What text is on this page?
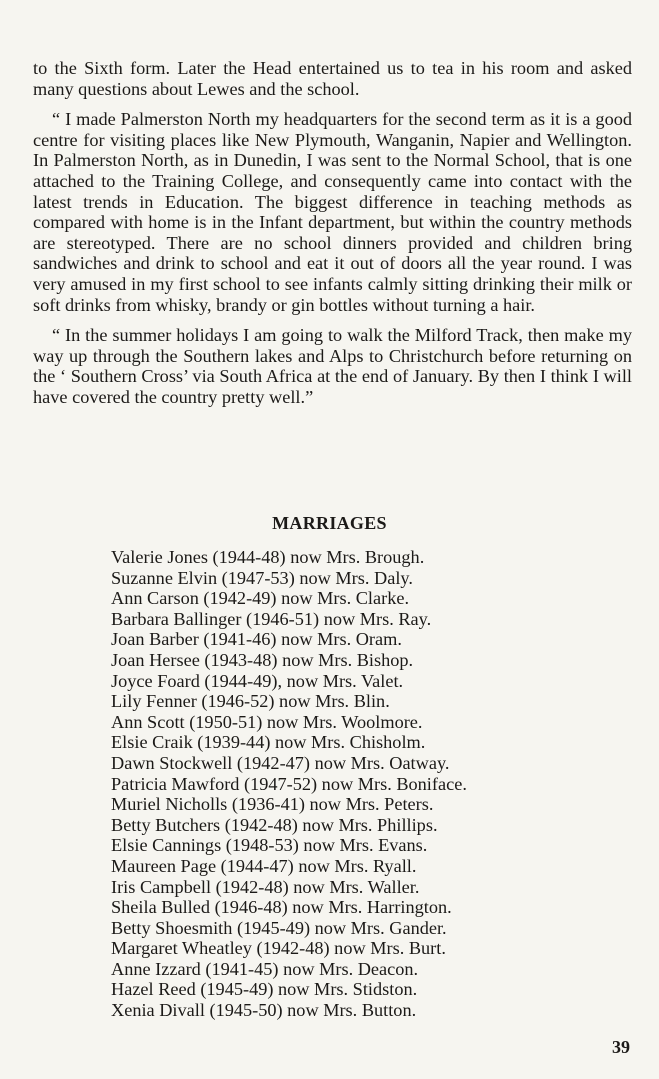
to the Sixth form. Later the Head entertained us to tea in his room and asked many questions about Lewes and the school.

“ I made Palmerston North my headquarters for the second term as it is a good centre for visiting places like New Plymouth, Wanganin, Napier and Wellington. In Palmerston North, as in Dunedin, I was sent to the Normal School, that is one attached to the Training College, and consequently came into contact with the latest trends in Education. The biggest difference in teaching methods as compared with home is in the Infant department, but within the country methods are stereotyped. There are no school dinners provided and children bring sandwiches and drink to school and eat it out of doors all the year round. I was very amused in my first school to see infants calmly sitting drinking their milk or soft drinks from whisky, brandy or gin bottles without turning a hair.

“ In the summer holidays I am going to walk the Milford Track, then make my way up through the Southern lakes and Alps to Christchurch before returning on the ‘ Southern Cross’ via South Africa at the end of January. By then I think I will have covered the country pretty well.”

MARRIAGES
Valerie Jones (1944-48) now Mrs. Brough.
Suzanne Elvin (1947-53) now Mrs. Daly.
Ann Carson (1942-49) now Mrs. Clarke.
Barbara Ballinger (1946-51) now Mrs. Ray.
Joan Barber (1941-46) now Mrs. Oram.
Joan Hersee (1943-48) now Mrs. Bishop.
Joyce Foard (1944-49), now Mrs. Valet.
Lily Fenner (1946-52) now Mrs. Blin.
Ann Scott (1950-51) now Mrs. Woolmore.
Elsie Craik (1939-44) now Mrs. Chisholm.
Dawn Stockwell (1942-47) now Mrs. Oatway.
Patricia Mawford (1947-52) now Mrs. Boniface.
Muriel Nicholls (1936-41) now Mrs. Peters.
Betty Butchers (1942-48) now Mrs. Phillips.
Elsie Cannings (1948-53) now Mrs. Evans.
Maureen Page (1944-47) now Mrs. Ryall.
Iris Campbell (1942-48) now Mrs. Waller.
Sheila Bulled (1946-48) now Mrs. Harrington.
Betty Shoesmith (1945-49) now Mrs. Gander.
Margaret Wheatley (1942-48) now Mrs. Burt.
Anne Izzard (1941-45) now Mrs. Deacon.
Hazel Reed (1945-49) now Mrs. Stidston.
Xenia Divall (1945-50) now Mrs. Button.
39
